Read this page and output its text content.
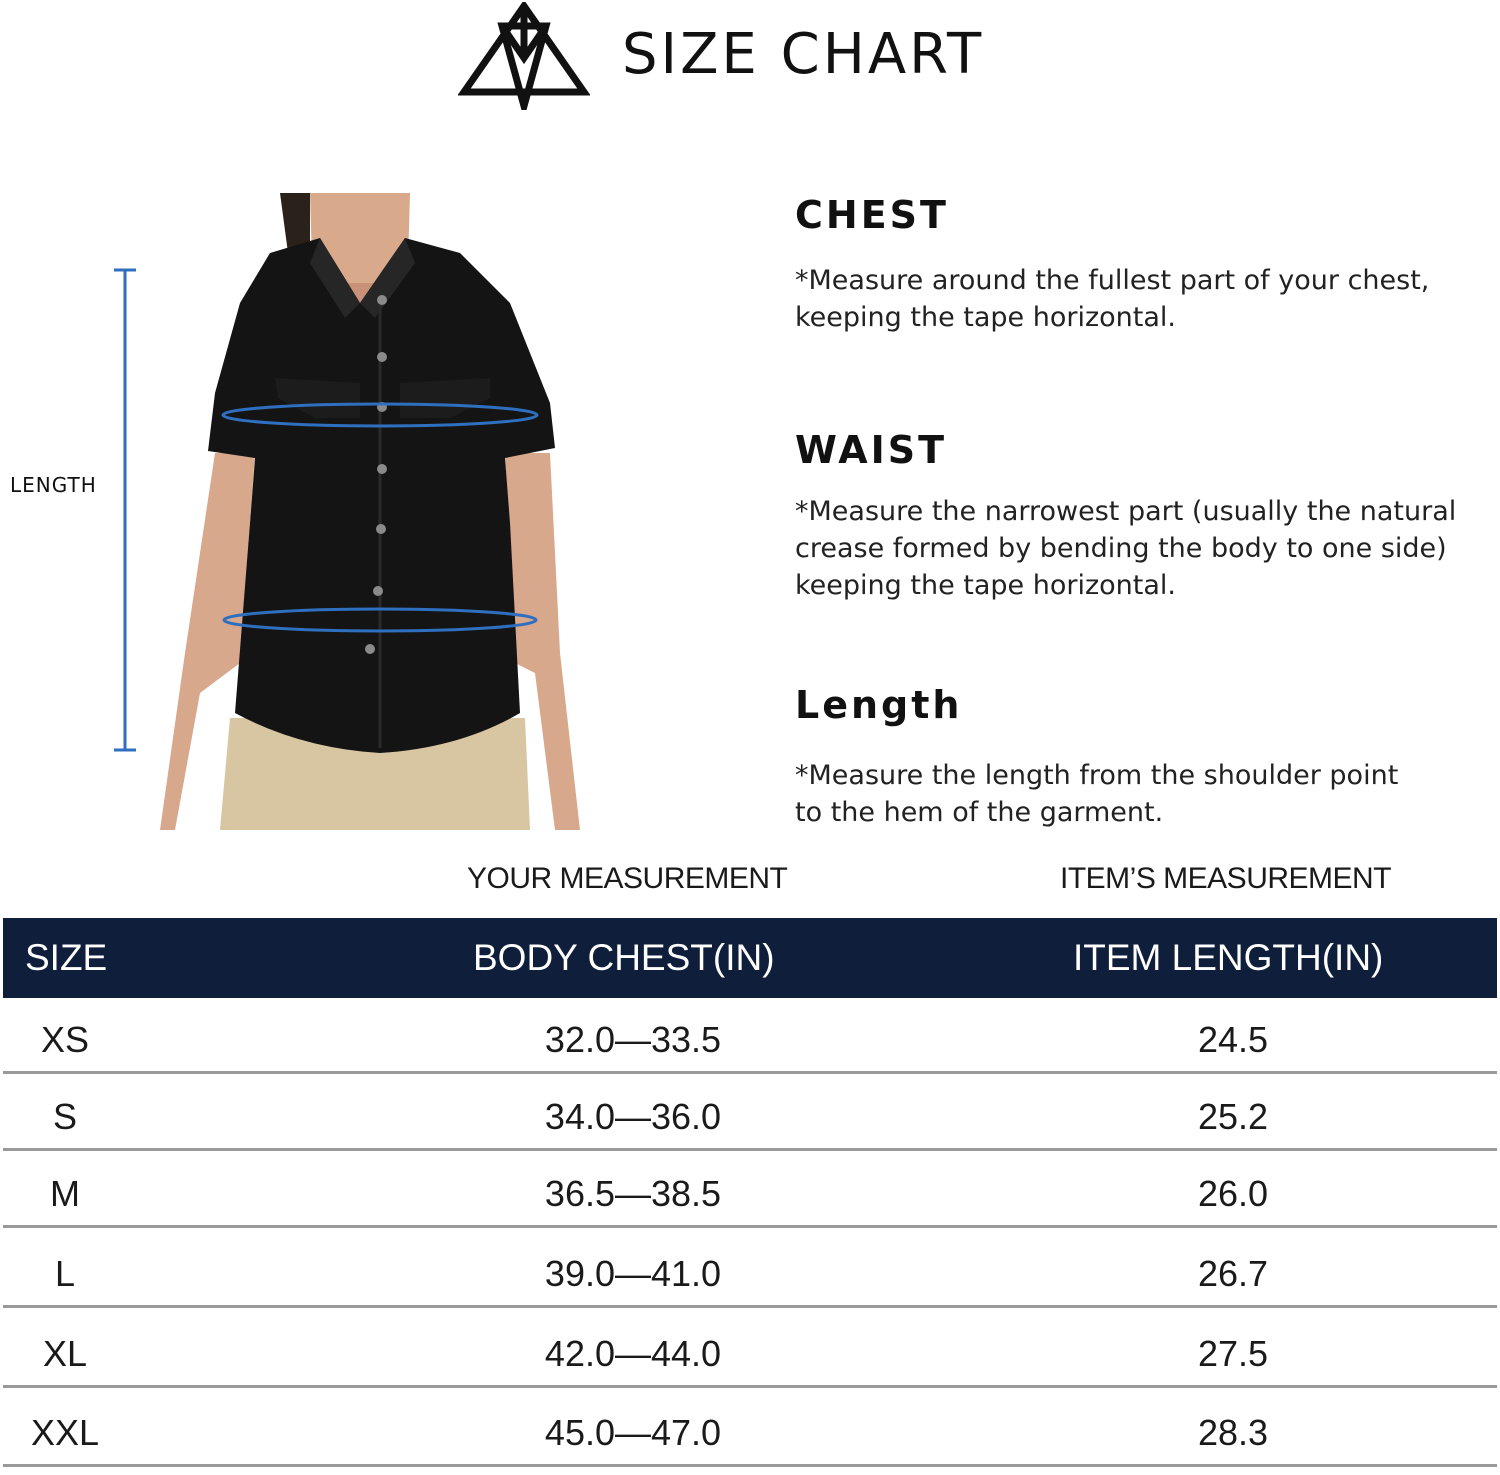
SIZE CHART
LENGTH
CHEST
*Measure around the fullest part of your chest,
keeping the tape horizontal.
WAIST
*Measure the narrowest part (usually the natural
crease formed by bending the body to one side)
keeping the tape horizontal.
Length
*Measure the length from the shoulder point
to the hem of the garment.
YOUR MEASUREMENT	ITEM’S MEASUREMENT
SIZE	BODY CHEST(IN)	ITEM LENGTH(IN)
XS	32.0—33.5	24.5
S	34.0—36.0	25.2
M	36.5—38.5	26.0
L	39.0—41.0	26.7
XL	42.0—44.0	27.5
XXL	45.0—47.0	28.3
